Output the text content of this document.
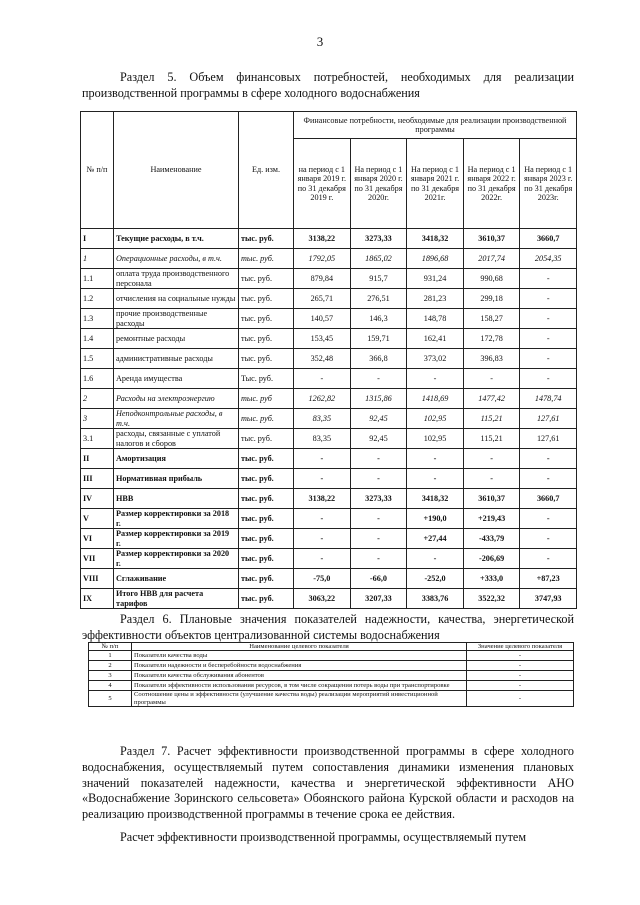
3
Раздел 5. Объем финансовых потребностей, необходимых для реализации производственной программы в сфере холодного водоснабжения
№ п/п	Наименование	Ед. изм.	Финансовые потребности, необходимые для реализации производственной программы				
			на период с 1 января 2019 г. по 31 декабря 2019 г.	На период с 1 января 2020 г. по 31 декабря 2020г.	На период с 1 января 2021 г. по 31 декабря 2021г.	На период с 1 января 2022 г. по 31 декабря 2022г.	На период с 1 января 2023 г. по 31 декабря 2023г.
I	Текущие расходы, в т.ч.	тыс. руб.	3138,22	3273,33	3418,32	3610,37	3660,7
1	Операционные расходы, в т.ч.	тыс. руб.	1792,05	1865,02	1896,68	2017,74	2054,35
1.1	оплата труда производственного персонала	тыс. руб.	879,84	915,7	931,24	990,68	-
1.2	отчисления на социальные нужды	тыс. руб.	265,71	276,51	281,23	299,18	-
1.3	прочие производственные расходы	тыс. руб.	140,57	146,3	148,78	158,27	-
1.4	ремонтные расходы	тыс. руб.	153,45	159,71	162,41	172,78	-
1.5	административные расходы	тыс. руб.	352,48	366,8	373,02	396,83	-
1.6	Аренда имущества	Тыс. руб.	-	-	-	-	-
2	Расходы на электроэнергию	тыс. руб	1262,82	1315,86	1418,69	1477,42	1478,74
3	Неподконтрольные расходы, в т.ч.	тыс. руб.	83,35	92,45	102,95	115,21	127,61
3.1	расходы, связанные с уплатой налогов и сборов	тыс. руб.	83,35	92,45	102,95	115,21	127,61
II	Амортизация	тыс. руб.	-	-	-	-	-
III	Нормативная прибыль	тыс. руб.	-	-	-	-	-
IV	НВВ	тыс. руб.	3138,22	3273,33	3418,32	3610,37	3660,7
V	Размер корректировки за 2018 г.	тыс. руб.	-	-	+190,0	+219,43	-
VI	Размер корректировки за 2019 г.	тыс. руб.	-	-	+27,44	-433,79	-
VII	Размер корректировки за 2020 г.	тыс. руб.	-	-	-	-206,69	-
VIII	Сглаживание	тыс. руб.	-75,0	-66,0	-252,0	+333,0	+87,23
IX	Итого НВВ для расчета тарифов	тыс. руб.	3063,22	3207,33	3383,76	3522,32	3747,93
Раздел 6. Плановые значения показателей надежности, качества, энергетической эффективности объектов централизованной системы водоснабжения
№ п/п	Наименование целевого показателя	Значение целевого показателя
1	Показатели качества воды	-
2	Показатели надежности и бесперебойности водоснабжения	-
3	Показатели качества обслуживания абонентов	-
4	Показатели эффективности использования ресурсов, в том числе сокращения потерь воды при транспортировке	-
5	Соотношение цены и эффективности (улучшение качества воды) реализации мероприятий инвестиционной программы	-
Раздел 7. Расчет эффективности производственной программы в сфере холодного водоснабжения, осуществляемый путем сопоставления динамики изменения плановых значений показателей надежности, качества и энергетической эффективности АНО «Водоснабжение Зоринского сельсовета» Обоянского района Курской области и расходов на реализацию производственной программы в течение срока ее действия.
Расчет эффективности производственной программы, осуществляемый путем
